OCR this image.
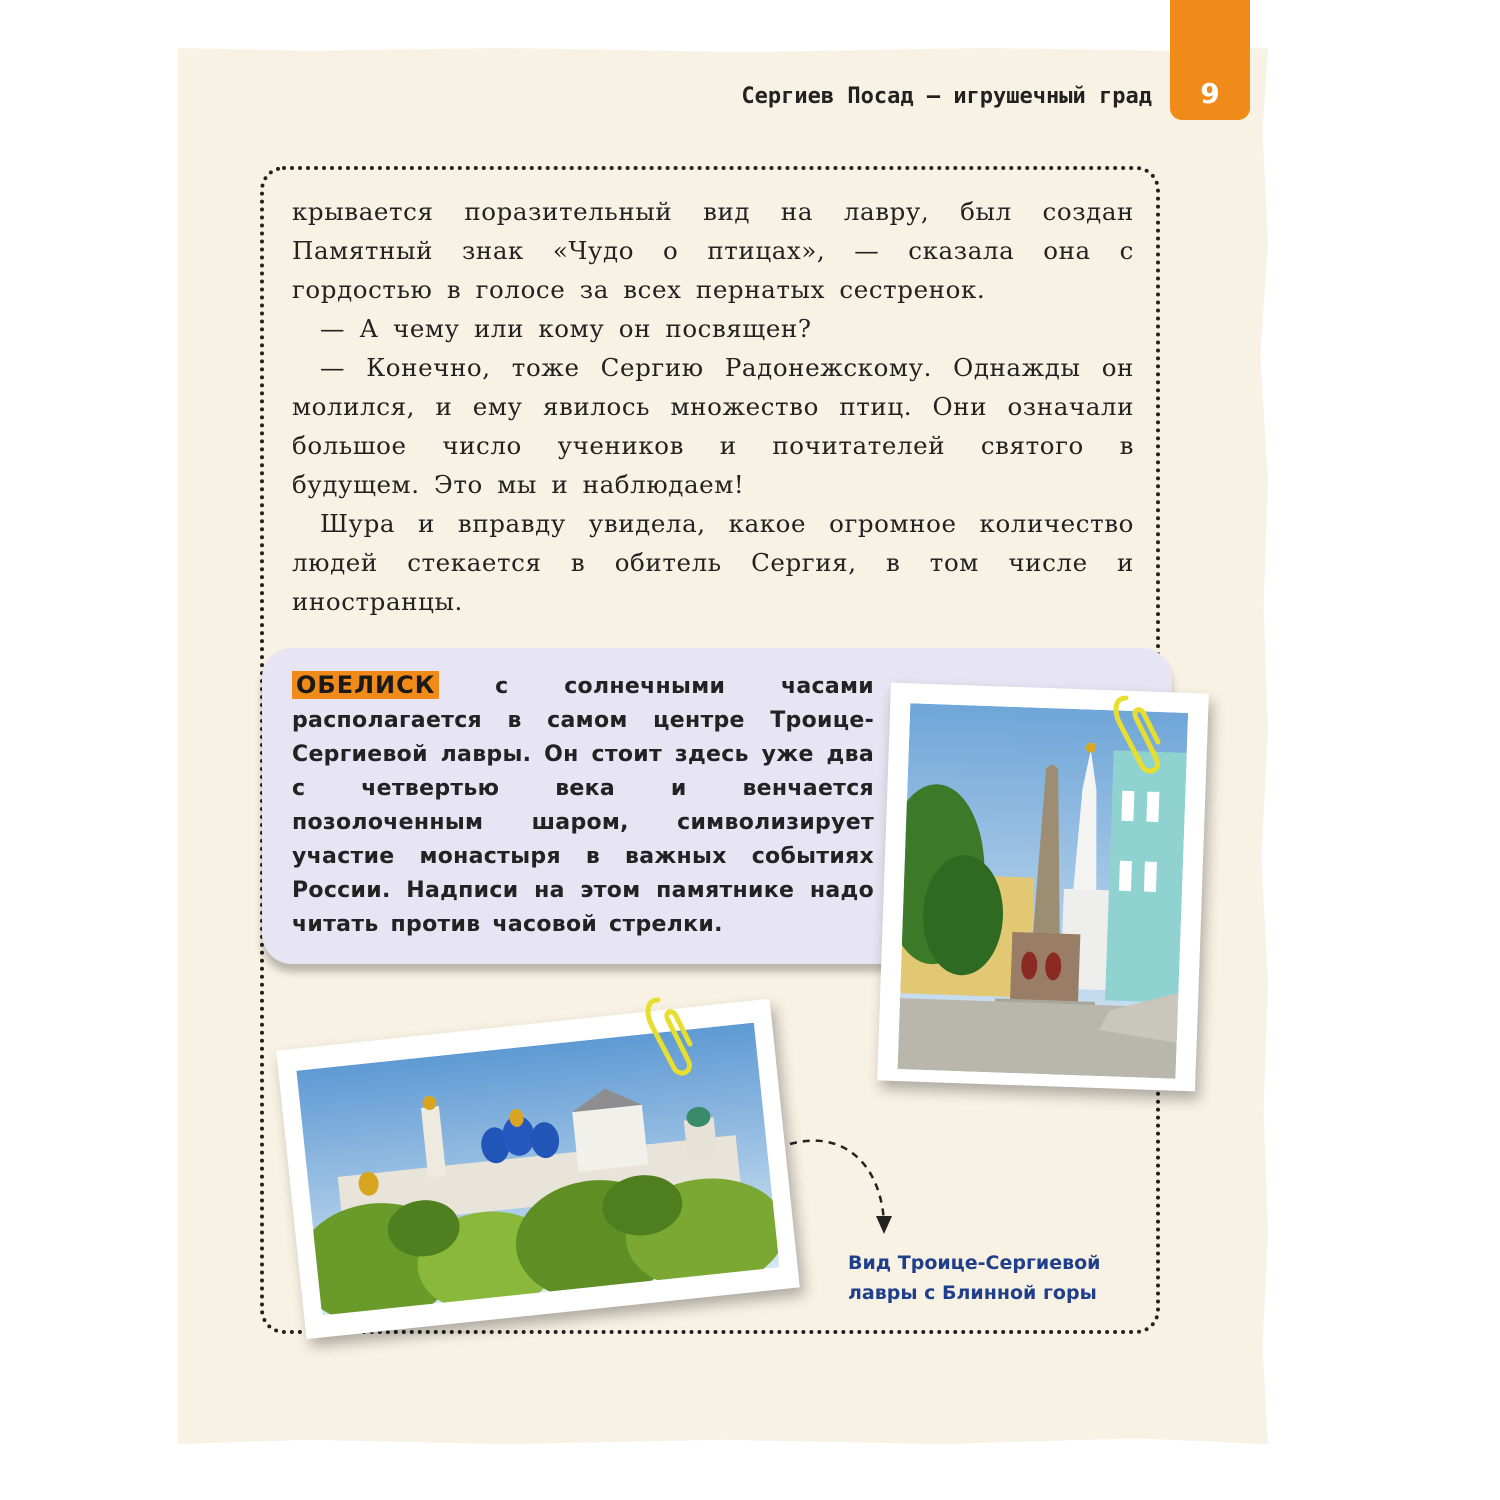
9
Сергиев Посад – игрушечный град

крывается поразительный вид на лавру, был создан Памятный знак «Чудо о птицах», — сказала она с гордостью в голосе за всех пернатых сестренок.

— А чему или кому он посвящен?

— Конечно, тоже Сергию Радонежскому. Однажды он молился, и ему явилось множество птиц. Они означали большое число учеников и почитателей святого в будущем. Это мы и наблюдаем!

Шура и вправду увидела, какое огромное количество людей стекается в обитель Сергия, в том числе и иностранцы.

ОБЕЛИСК	с солнечными часами располагается в самом центре Троице-Сергиевой лавры. Он стоит здесь уже два с четвертью века и венчается позолоченным шаром, символизирует участие монастыря в важных событиях России. Надписи на этом памятнике надо читать против часовой стрелки.
Вид Троице-Сергиевой
лавры с Блинной горы
